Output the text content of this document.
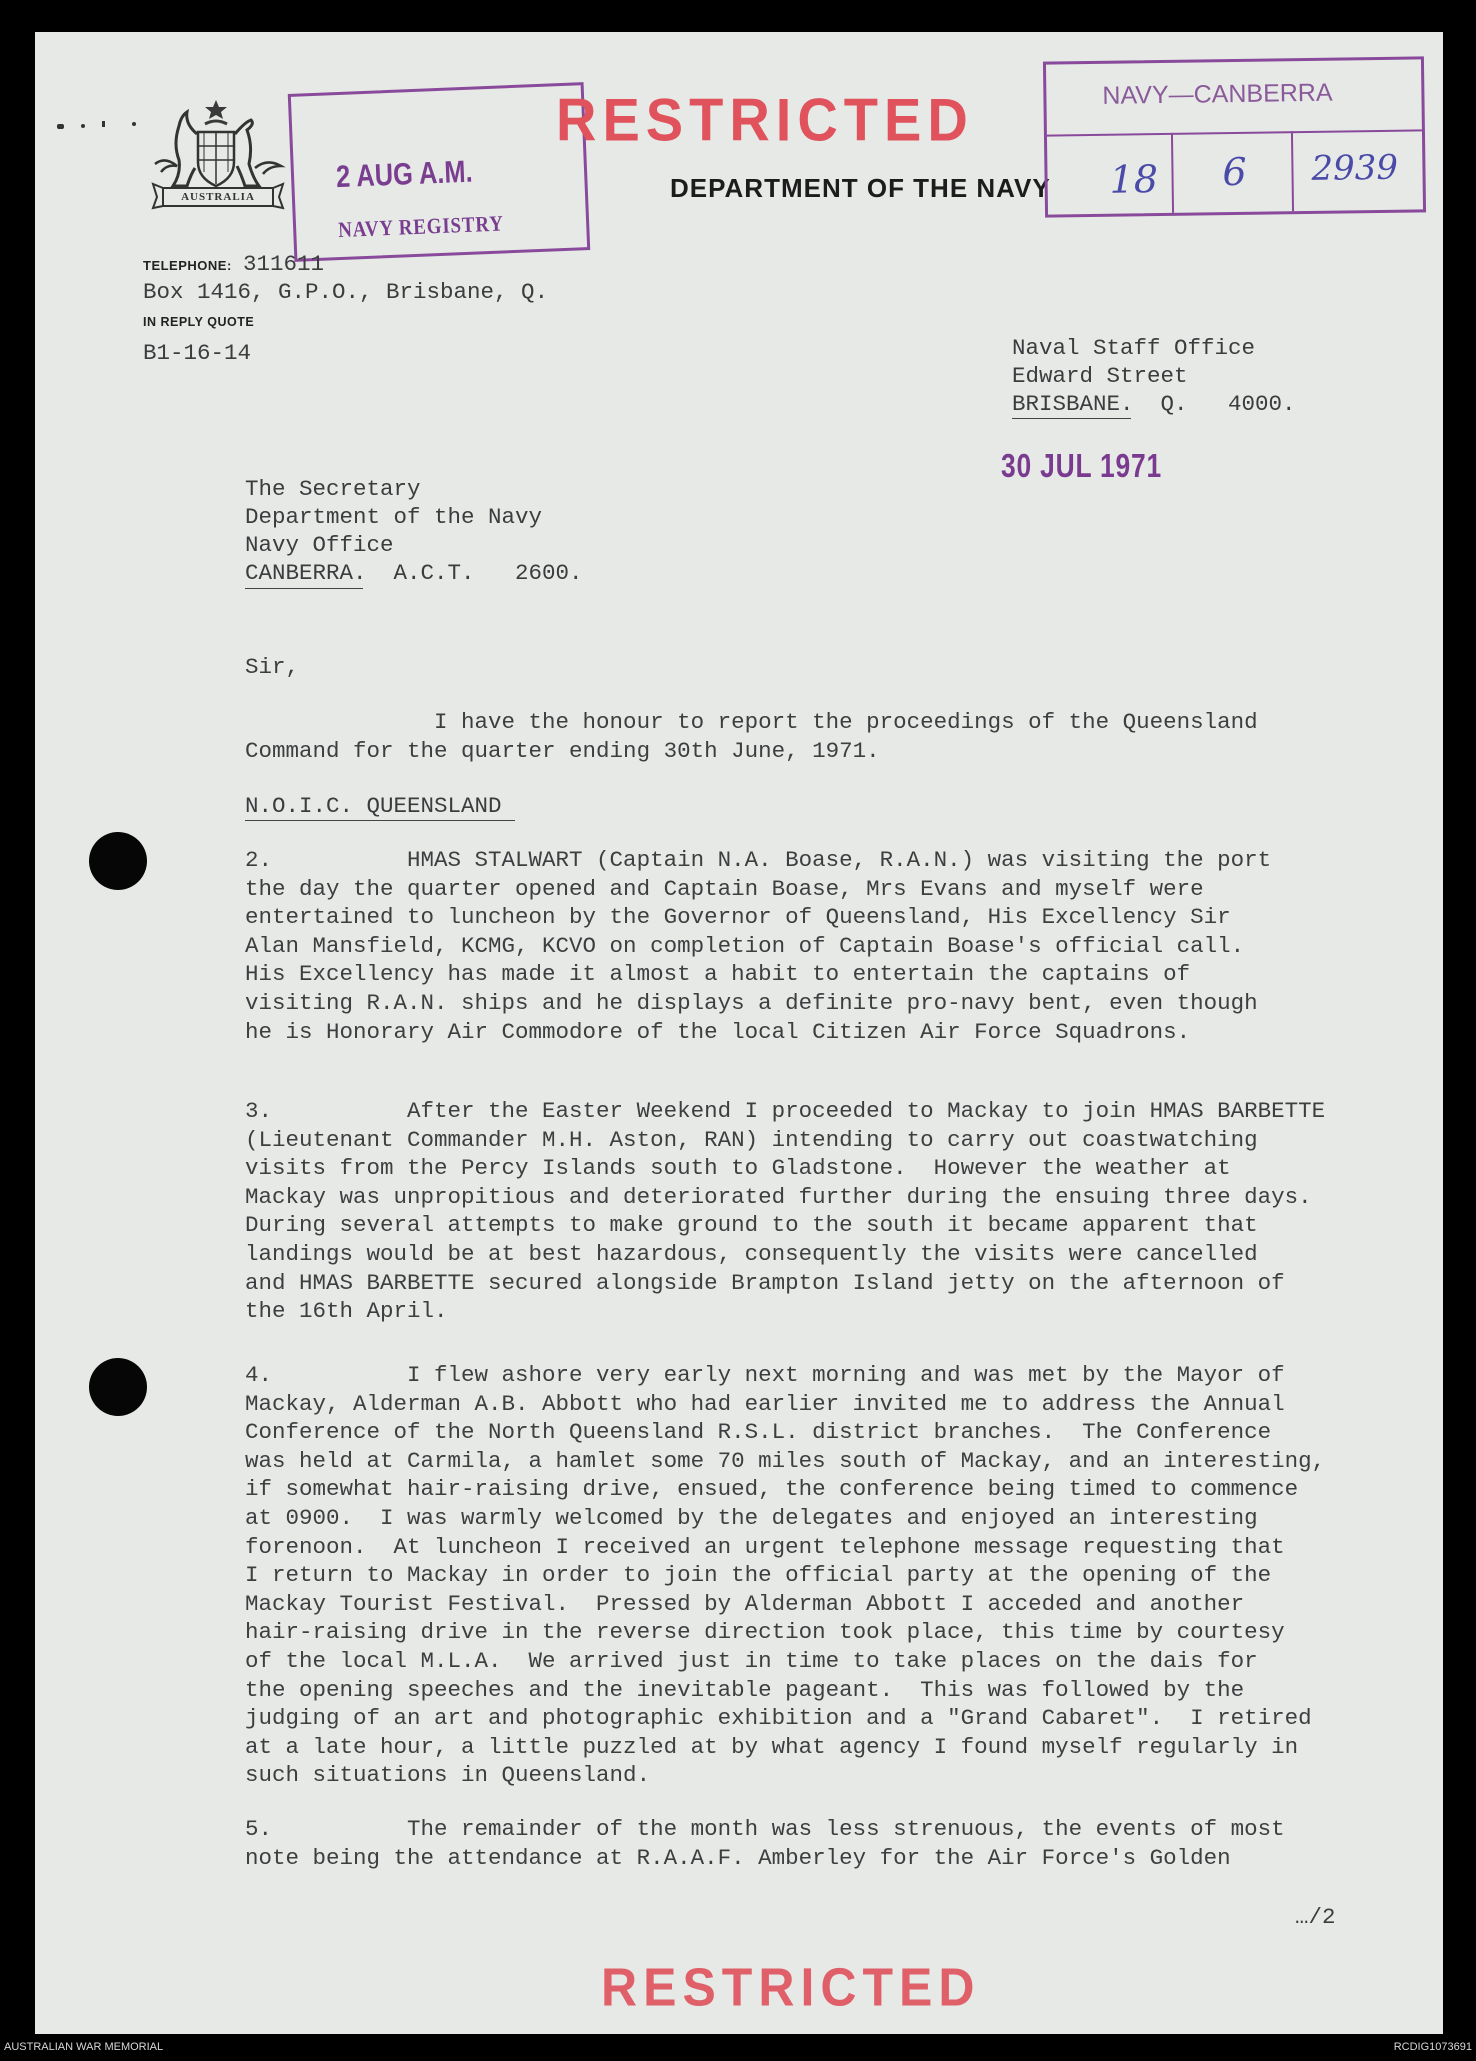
AUSTRALIA
2 AUG A.M.
NAVY REGISTRY
RESTRICTED
DEPARTMENT OF THE NAVY
NAVY—CANBERRA
18 6 2939
TELEPHONE: 311611
Box 1416, G.P.O., Brisbane, Q.
IN REPLY QUOTE
B1-16-14	Naval Staff Office
Edward Street
BRISBANE.  Q.   4000.
30 JUL 1971
The Secretary
Department of the Navy
Navy Office
CANBERRA.  A.C.T.   2600.
Sir,
I have the honour to report the proceedings of the Queensland
Command for the quarter ending 30th June, 1971.
N.O.I.C. QUEENSLAND
2.          HMAS STALWART (Captain N.A. Boase, R.A.N.) was visiting the port
the day the quarter opened and Captain Boase, Mrs Evans and myself were
entertained to luncheon by the Governor of Queensland, His Excellency Sir
Alan Mansfield, KCMG, KCVO on completion of Captain Boase's official call.
His Excellency has made it almost a habit to entertain the captains of
visiting R.A.N. ships and he displays a definite pro-navy bent, even though
he is Honorary Air Commodore of the local Citizen Air Force Squadrons.
3.          After the Easter Weekend I proceeded to Mackay to join HMAS BARBETTE
(Lieutenant Commander M.H. Aston, RAN) intending to carry out coastwatching
visits from the Percy Islands south to Gladstone.  However the weather at
Mackay was unpropitious and deteriorated further during the ensuing three days.
During several attempts to make ground to the south it became apparent that
landings would be at best hazardous, consequently the visits were cancelled
and HMAS BARBETTE secured alongside Brampton Island jetty on the afternoon of
the 16th April.
4.          I flew ashore very early next morning and was met by the Mayor of
Mackay, Alderman A.B. Abbott who had earlier invited me to address the Annual
Conference of the North Queensland R.S.L. district branches.  The Conference
was held at Carmila, a hamlet some 70 miles south of Mackay, and an interesting,
if somewhat hair-raising drive, ensued, the conference being timed to commence
at 0900.  I was warmly welcomed by the delegates and enjoyed an interesting
forenoon.  At luncheon I received an urgent telephone message requesting that
I return to Mackay in order to join the official party at the opening of the
Mackay Tourist Festival.  Pressed by Alderman Abbott I acceded and another
hair-raising drive in the reverse direction took place, this time by courtesy
of the local M.L.A.  We arrived just in time to take places on the dais for
the opening speeches and the inevitable pageant.  This was followed by the
judging of an art and photographic exhibition and a "Grand Cabaret".  I retired
at a late hour, a little puzzled at by what agency I found myself regularly in
such situations in Queensland.
5.          The remainder of the month was less strenuous, the events of most
note being the attendance at R.A.A.F. Amberley for the Air Force's Golden
…/2
RESTRICTED
AUSTRALIAN WAR MEMORIAL	RCDIG1073691
